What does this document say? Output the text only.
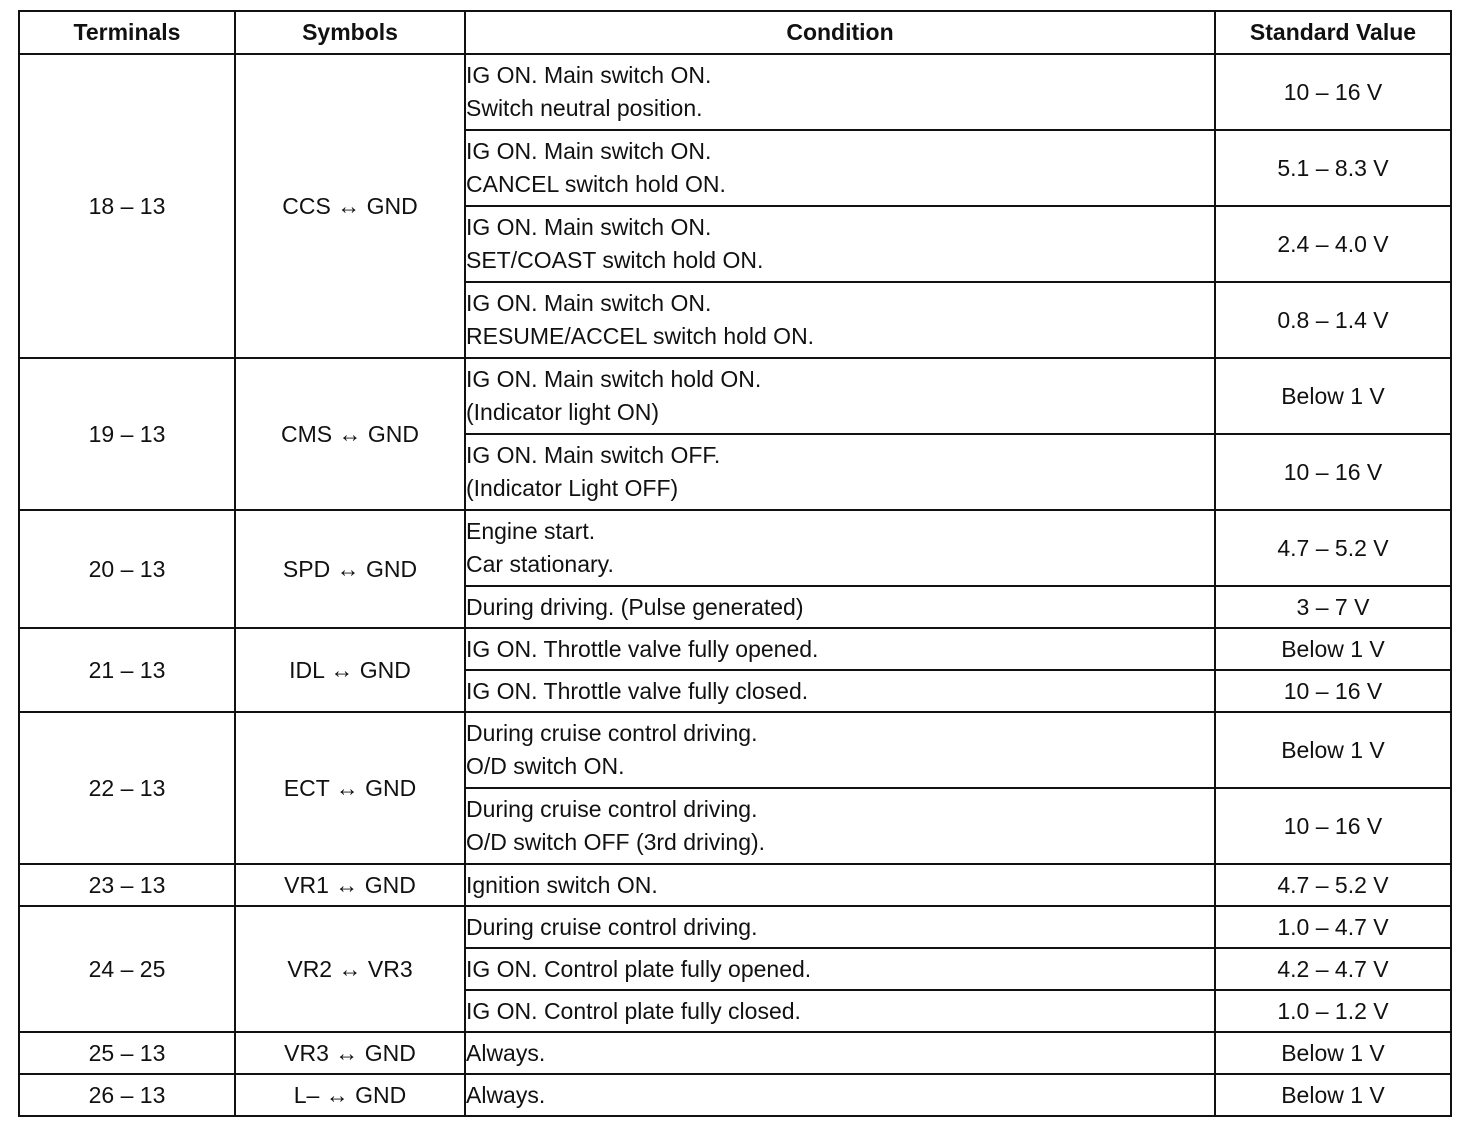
Terminals	Symbols	Condition	Standard Value
18 – 13	CCS ↔ GND	IG ON. Main switch ON.
Switch neutral position.	10 – 16 V

		IG ON. Main switch ON.
CANCEL switch hold ON.	5.1 – 8.3 V

		IG ON. Main switch ON.
SET/COAST switch hold ON.	2.4 – 4.0 V

		IG ON. Main switch ON.
RESUME/ACCEL switch hold ON.	0.8 – 1.4 V
19 – 13	CMS ↔ GND	IG ON. Main switch hold ON.
(Indicator light ON)	Below 1 V

		IG ON. Main switch OFF.
(Indicator Light OFF)	10 – 16 V
20 – 13	SPD ↔ GND	Engine start.
Car stationary.	4.7 – 5.2 V

		During driving. (Pulse generated)	3 – 7 V
21 – 13	IDL ↔ GND	IG ON. Throttle valve fully opened.	Below 1 V

		IG ON. Throttle valve fully closed.	10 – 16 V
22 – 13	ECT ↔ GND	During cruise control driving.
O/D switch ON.	Below 1 V

		During cruise control driving.
O/D switch OFF (3rd driving).	10 – 16 V
23 – 13	VR1 ↔ GND	Ignition switch ON.	4.7 – 5.2 V
24 – 25	VR2 ↔ VR3	During cruise control driving.	1.0 – 4.7 V

		IG ON. Control plate fully opened.	4.2 – 4.7 V

		IG ON. Control plate fully closed.	1.0 – 1.2 V
25 – 13	VR3 ↔ GND	Always.	Below 1 V
26 – 13	L– ↔ GND	Always.	Below 1 V
